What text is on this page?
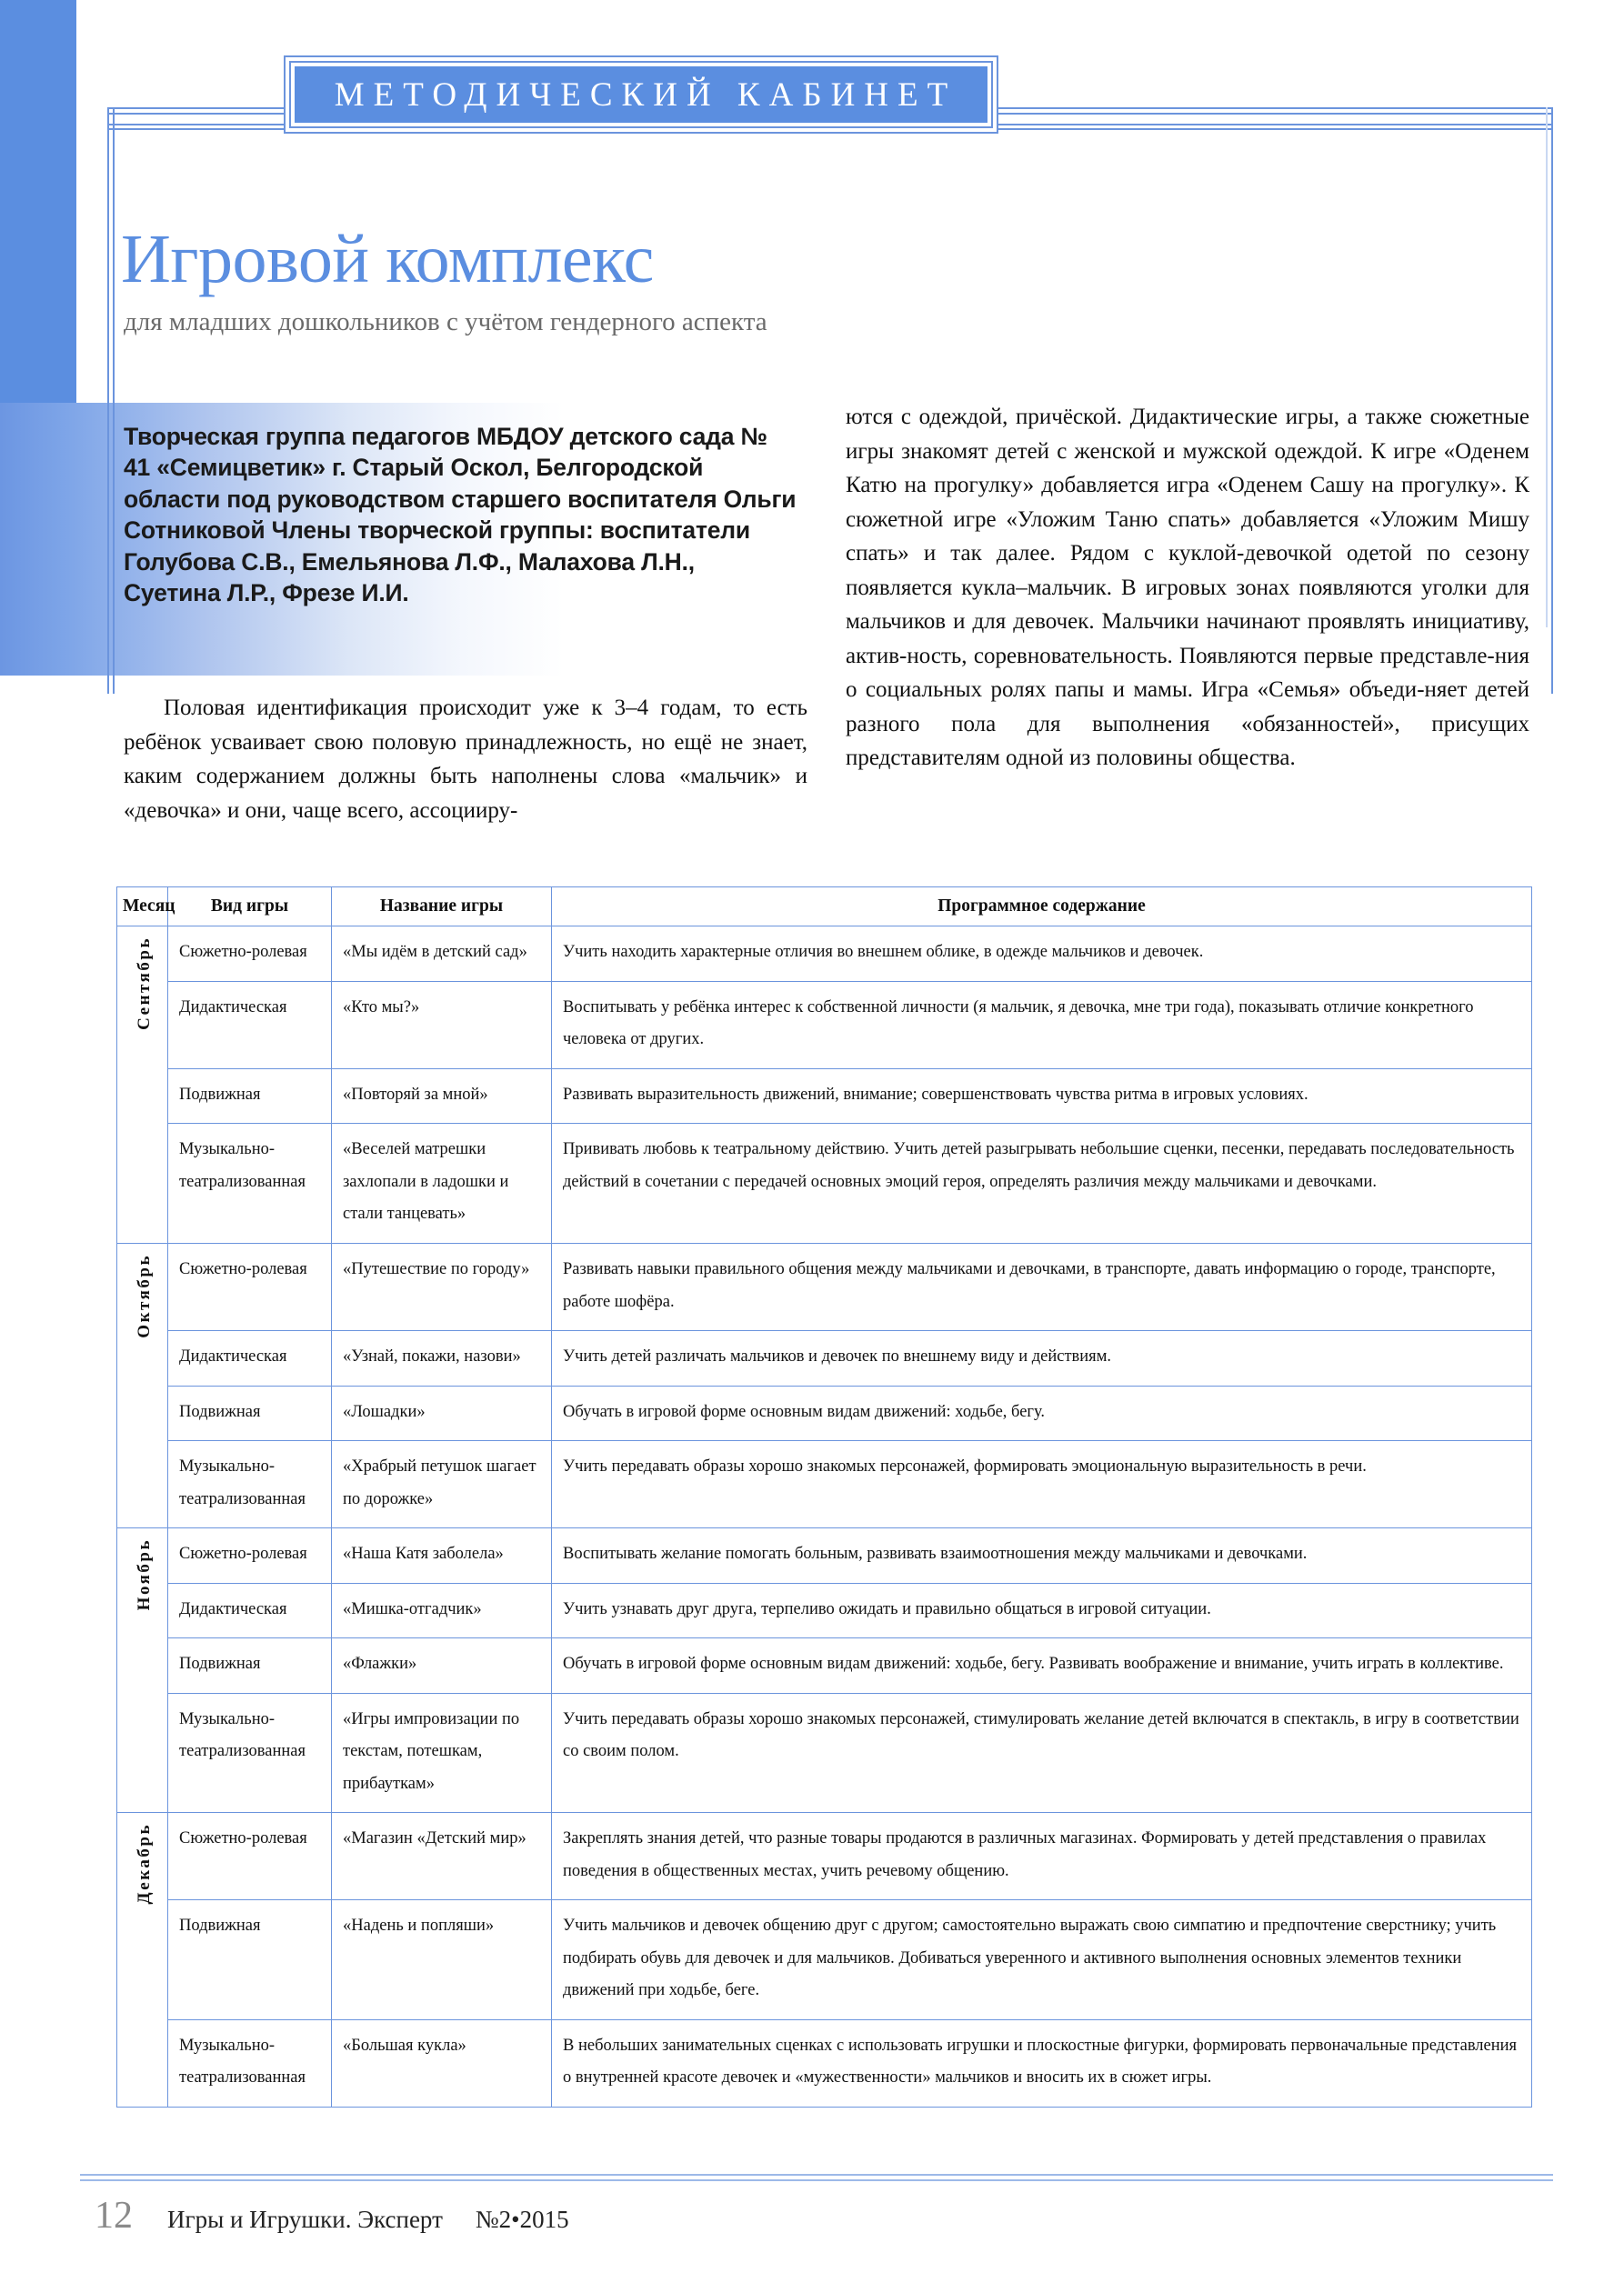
МЕТОДИЧЕСКИЙ КАБИНЕТ
Игровой комплекс
для младших дошкольников с учётом гендерного аспекта
Творческая группа педагогов МБДОУ детского сада № 41 «Семицветик» г. Старый Оскол, Белгородской области под руководством старшего воспитателя Ольги Сотниковой Члены творческой группы: воспитатели Голубова С.В., Емельянова Л.Ф., Малахова Л.Н., Суетина Л.Р., Фрезе И.И.
Половая идентификация происходит уже к 3–4 годам, то есть ребёнок усваивает свою половую принадлежность, но ещё не знает, каким содержанием должны быть наполнены слова «мальчик» и «девочка» и они, чаще всего, ассоцииру-
ются с одеждой, причёской. Дидактические игры, а также сюжетные игры знакомят детей с женской и мужской одеждой. К игре «Оденем Катю на прогулку» добавляется игра «Оденем Сашу на прогулку». К сюжетной игре «Уложим Таню спать» добавляется «Уложим Мишу спать» и так далее. Рядом с куклой-девочкой одетой по сезону появляется кукла–мальчик. В игровых зонах появляются уголки для мальчиков и для девочек. Мальчики начинают проявлять инициативу, актив-ность, соревновательность. Появляются первые представле-ния о социальных ролях папы и мамы. Игра «Семья» объеди-няет детей разного пола для выполнения «обязанностей», присущих представителям одной из половины общества.
Месяц	Вид игры	Название игры	Программное содержание
Сентябрь	Сюжетно-ролевая	«Мы идём в детский сад»	Учить находить характерные отличия во внешнем облике, в одежде мальчиков и девочек.
	Дидактическая	«Кто мы?»	Воспитывать у ребёнка интерес к собственной личности (я мальчик, я девочка, мне три года), показывать отличие конкретного человека от других.
	Подвижная	«Повторяй за мной»	Развивать выразительность движений, внимание; совершенствовать чувства ритма в игровых условиях.
	Музыкально-театрализованная	«Веселей матрешки захлопали в ладошки и стали танцевать»	Прививать любовь к театральному действию. Учить детей разыгрывать небольшие сценки, песенки, передавать последовательность действий в сочетании с передачей основных эмоций героя, определять различия между мальчиками и девочками.
Октябрь	Сюжетно-ролевая	«Путешествие по городу»	Развивать навыки правильного общения между мальчиками и девочками, в транспорте, давать информацию о городе, транспорте, работе шофёра.
	Дидактическая	«Узнай, покажи, назови»	Учить детей различать мальчиков и девочек по внешнему виду и действиям.
	Подвижная	«Лошадки»	Обучать в игровой форме основным видам движений: ходьбе, бегу.
	Музыкально-театрализованная	«Храбрый петушок шагает по дорожке»	Учить передавать образы хорошо знакомых персонажей, формировать эмоциональную выразительность в речи.
Ноябрь	Сюжетно-ролевая	«Наша Катя заболела»	Воспитывать желание помогать больным, развивать взаимоотношения между мальчиками и девочками.
	Дидактическая	«Мишка-отгадчик»	Учить узнавать друг друга, терпеливо ожидать и правильно общаться в игровой ситуации.
	Подвижная	«Флажки»	Обучать в игровой форме основным видам движений: ходьбе, бегу. Развивать воображение и внимание, учить играть в коллективе.
	Музыкально-театрализованная	«Игры импровизации по текстам, потешкам, прибауткам»	Учить передавать образы хорошо знакомых персонажей, стимулировать желание детей включатся в спектакль, в игру в соответствии со своим полом.
Декабрь	Сюжетно-ролевая	«Магазин «Детский мир»	Закреплять знания детей, что разные товары продаются в различных магазинах. Формировать у детей представления о правилах поведения в общественных местах, учить речевому общению.
	Подвижная	«Надень и попляши»	Учить мальчиков и девочек общению друг с другом; самостоятельно выражать свою симпатию и предпочтение сверстнику; учить подбирать обувь для девочек и для мальчиков. Добиваться уверенного и активного выполнения основных элементов техники движений при ходьбе, беге.
	Музыкально-театрализованная	«Большая кукла»	В небольших занимательных сценках с использовать игрушки и плоскостные фигурки, формировать первоначальные представления о внутренней красоте девочек и «мужественности» мальчиков и вносить их в сюжет игры.
12 Игры и Игрушки. Эксперт №2•2015
